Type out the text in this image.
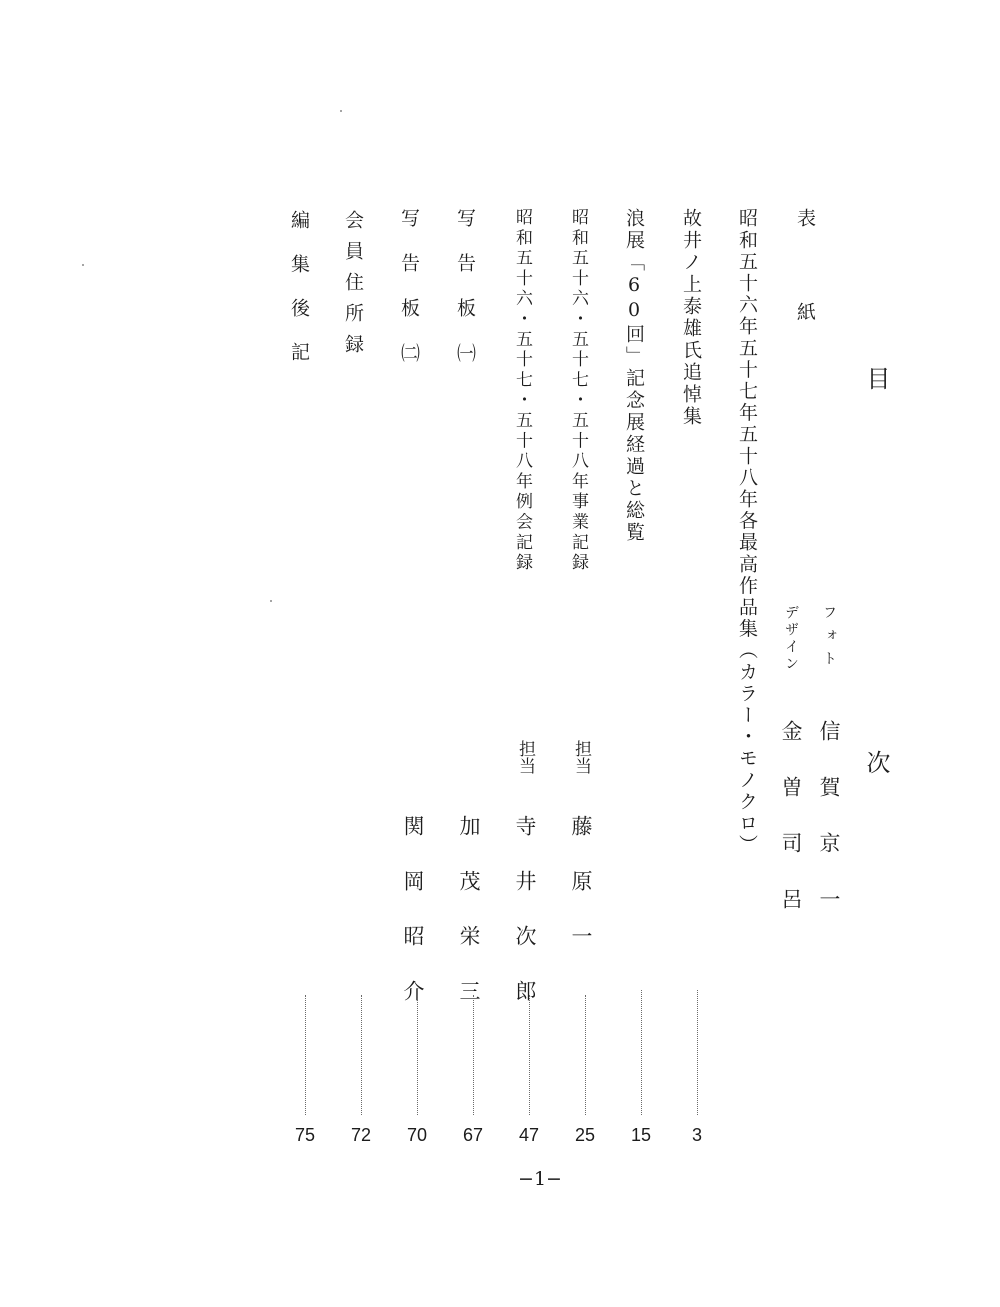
目　次
表　紙
フォト
デザイン
信賀京一
金曽司呂
3
昭和五十六年五十七年五十八年各最高作品集（カラー・モノクロ）
15
故井ノ上泰雄氏追悼集
浪展「60回」記念展経過と総覧
昭和五十六・五十七・五十八年事業記録
担当
藤原一
25
昭和五十六・五十七・五十八年例会記録
担当
寺井次郎
47
写告板㈠
加茂栄三
67
写告板㈡
関岡昭介
70
会員住所録
72
編集後記
75
−1−
